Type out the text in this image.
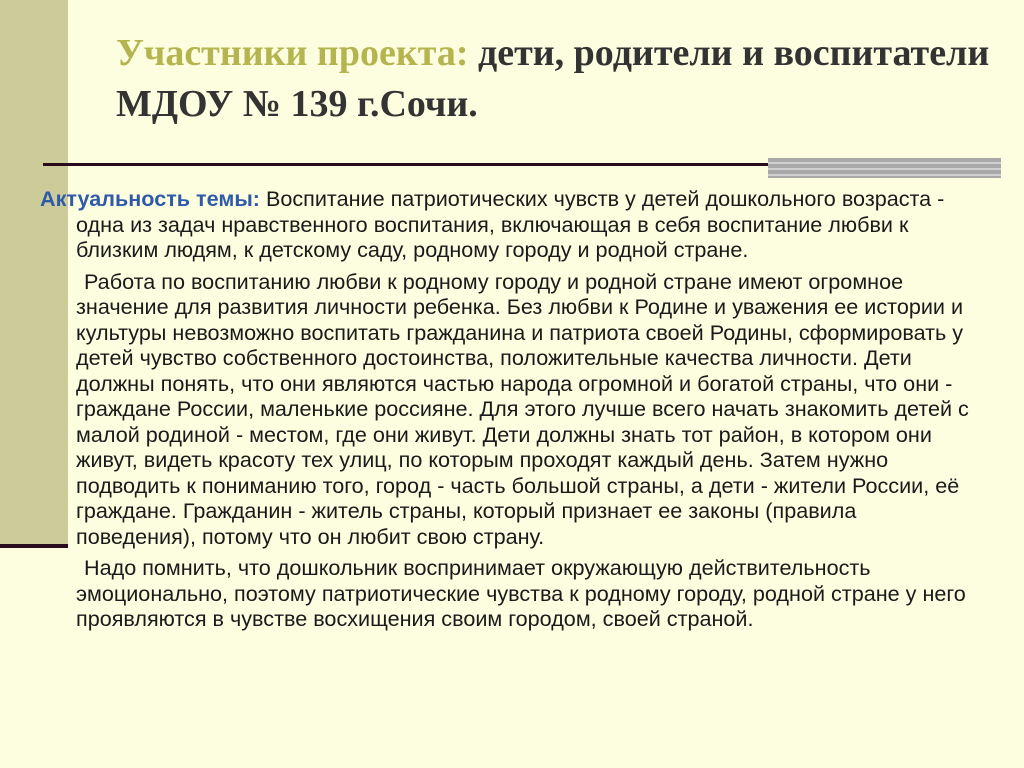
Участники проекта: дети, родители и воспитатели МДОУ № 139 г.Сочи.

Актуальность темы: Воспитание патриотических чувств у детей дошкольного возраста - одна из задач нравственного воспитания, включающая в себя воспитание любви к близким людям, к детскому саду, родному городу и родной стране.

Работа по воспитанию любви к родному городу и родной стране имеют огромное значение для развития личности ребенка. Без любви к Родине и уважения ее истории и культуры невозможно воспитать гражданина и патриота своей Родины, сформировать у детей чувство собственного достоинства, положительные качества личности. Дети должны понять, что они являются частью народа огромной и богатой страны, что они - граждане России, маленькие россияне. Для этого лучше всего начать знакомить детей с малой родиной - местом, где они живут. Дети должны знать тот район, в котором они живут, видеть красоту тех улиц, по которым проходят каждый день. Затем нужно подводить к пониманию того, город - часть большой страны, а дети - жители России, её граждане. Гражданин - житель страны, который признает ее законы (правила поведения), потому что он любит свою страну.

Надо помнить, что дошкольник воспринимает окружающую действительность эмоционально, поэтому патриотические чувства к родному городу, родной стране у него проявляются в чувстве восхищения своим городом, своей страной.
